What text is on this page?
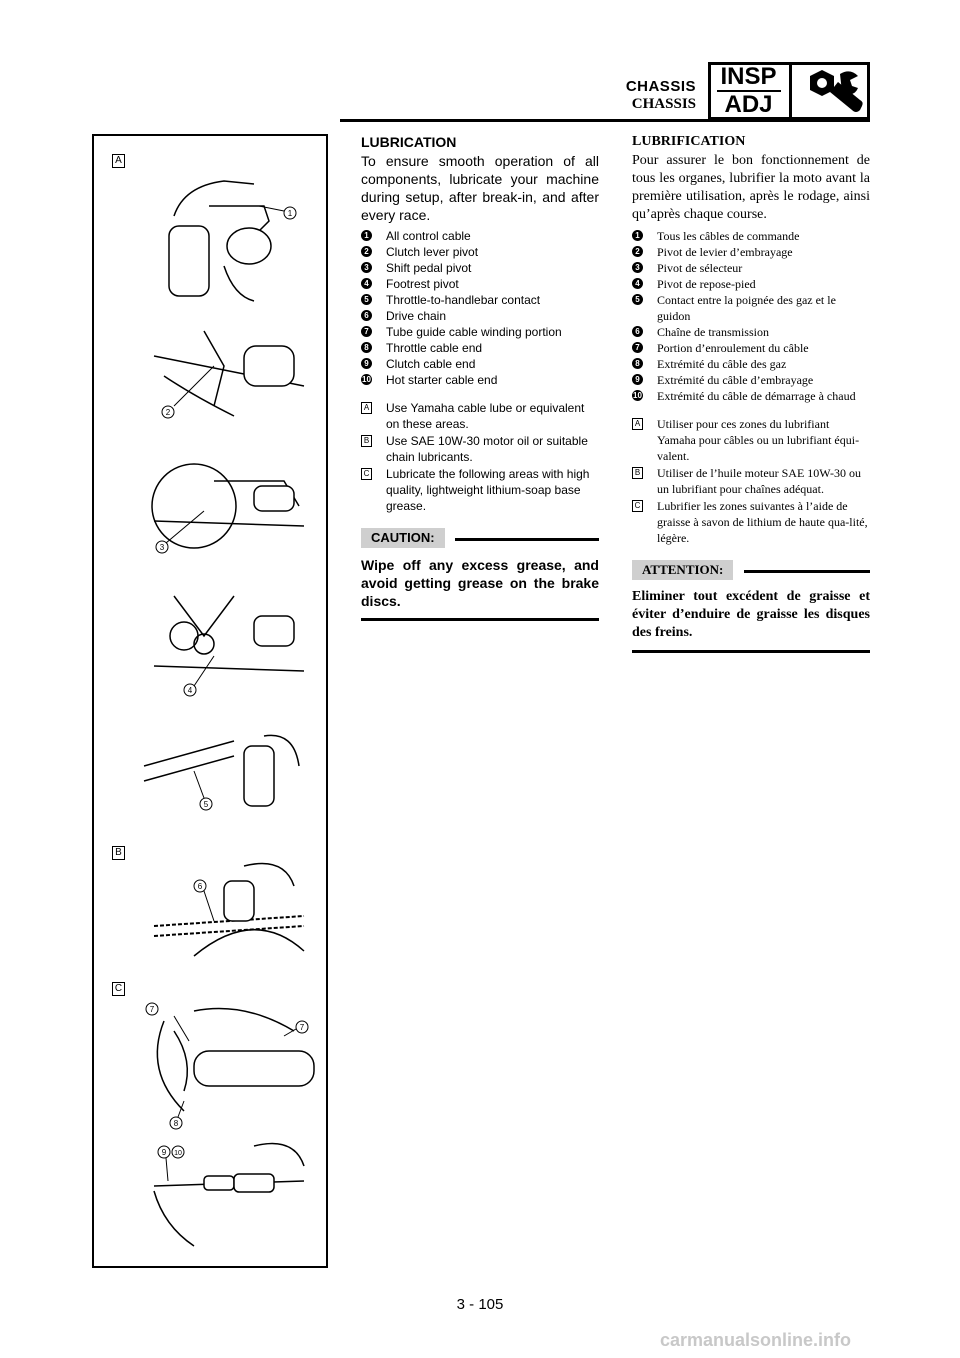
CHASSIS
CHASSIS
INSP
ADJ
A
B
C
1
2
3
4
5
6
7
7
8
9 10
LUBRICATION

To ensure smooth operation of all components, lubricate your machine during setup, after break-in, and after every race.

1 All control cable
2 Clutch lever pivot
3 Shift pedal pivot
4 Footrest pivot
5 Throttle-to-handlebar contact
6 Drive chain
7 Tube guide cable winding portion
8 Throttle cable end
9 Clutch cable end
10 Hot starter cable end
A Use Yamaha cable lube or equivalent on these areas.
B Use SAE 10W-30 motor oil or suitable chain lubricants.
C Lubricate the following areas with high quality, lightweight lithium-soap base grease.
CAUTION:

Wipe off any excess grease, and avoid getting grease on the brake discs.

LUBRIFICATION

Pour assurer le bon fonctionnement de tous les organes, lubrifier la moto avant la première utilisation, après le rodage, ainsi qu’après chaque course.

1 Tous les câbles de commande
2 Pivot de levier d’embrayage
3 Pivot de sélecteur
4 Pivot de repose-pied
5 Contact entre la poignée des gaz et le guidon
6 Chaîne de transmission
7 Portion d’enroulement du câble
8 Extrémité du câble des gaz
9 Extrémité du câble d’embrayage
10 Extrémité du câble de démarrage à chaud
A Utiliser pour ces zones du lubrifiant Yamaha pour câbles ou un lubrifiant équi-valent.
B Utiliser de l’huile moteur SAE 10W-30 ou un lubrifiant pour chaînes adéquat.
C Lubrifier les zones suivantes à l’aide de graisse à savon de lithium de haute qua-lité, légère.
ATTENTION:

Eliminer tout excédent de graisse et éviter d’enduire de graisse les disques des freins.

3 - 105
carmanualsonline.info
